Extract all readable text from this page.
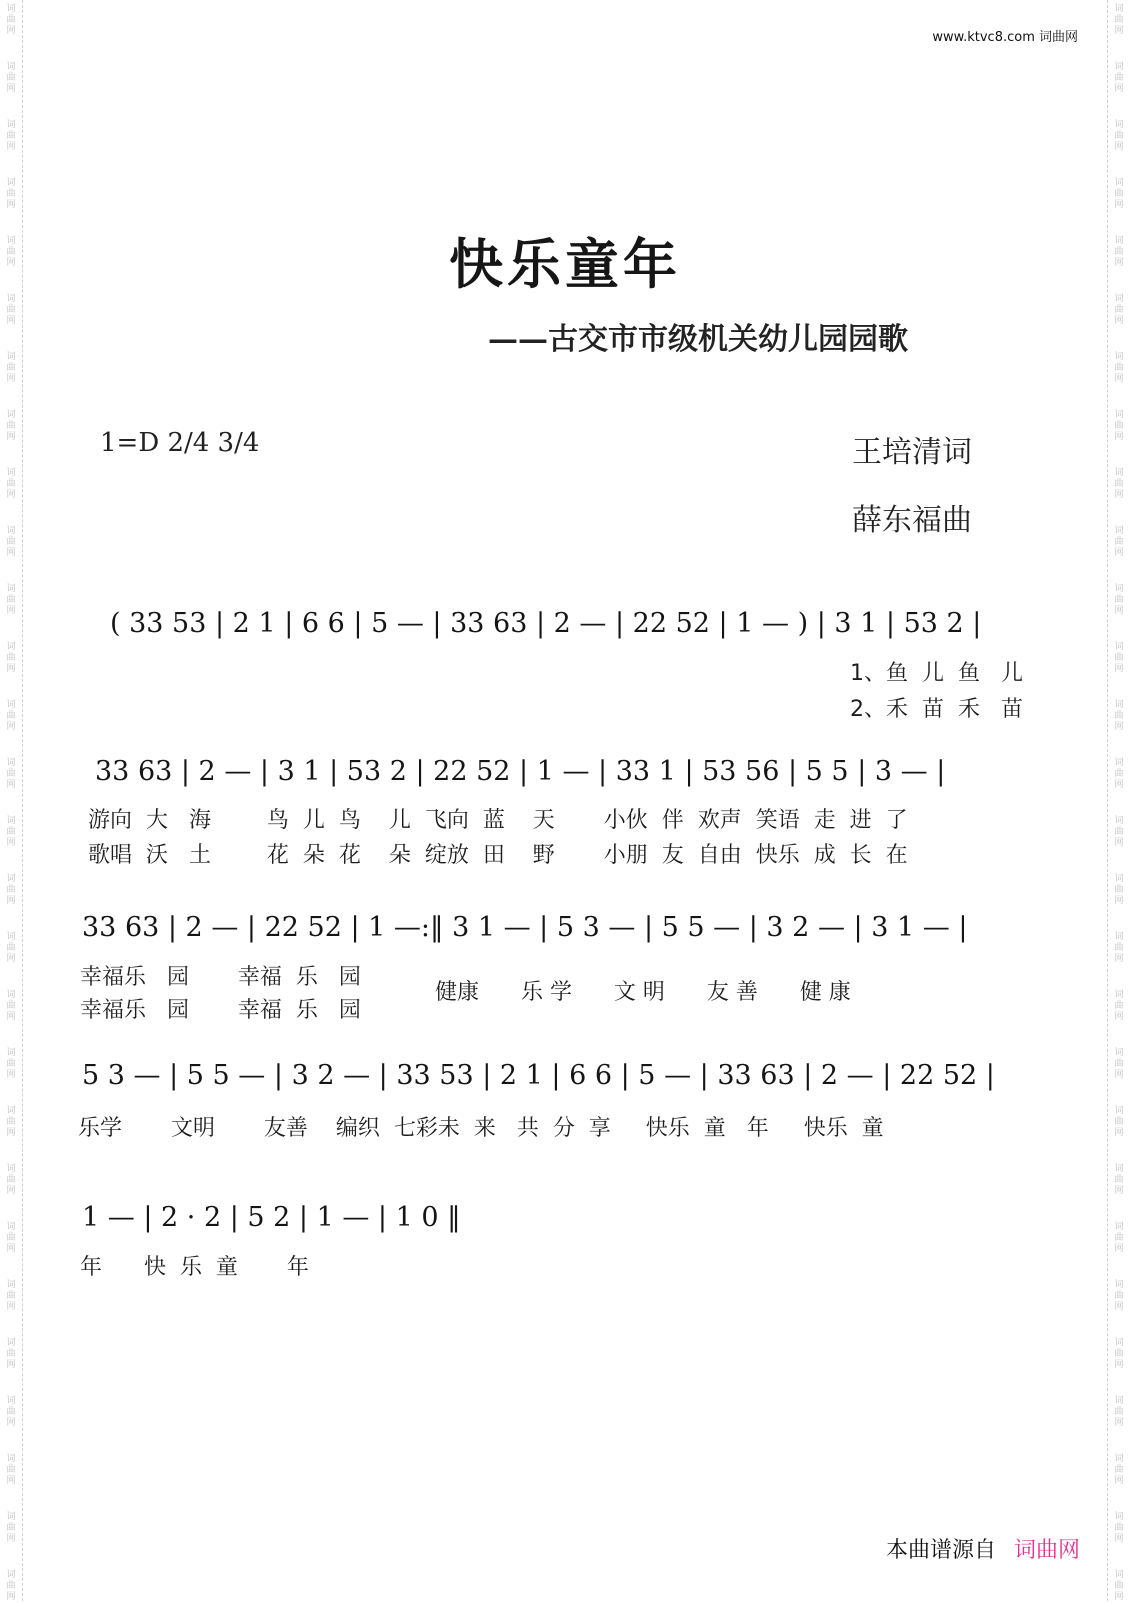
词
曲
网
词
曲
网
词
曲
网
词
曲
网
词
曲
网
词
曲
网
词
曲
网
词
曲
网
词
曲
网
词
曲
网
词
曲
网
词
曲
网
词
曲
网
词
曲
网
词
曲
网
词
曲
网
词
曲
网
词
曲
网
词
曲
网
词
曲
网
词
曲
网
词
曲
网
词
曲
网
词
曲
网
词
曲
网
词
曲
网
词
曲
网
词
曲
网
词
曲
网
词
曲
网
词
曲
网
词
曲
网
词
曲
网
词
曲
网
词
曲
网
词
曲
网
词
曲
网
词
曲
网
词
曲
网
词
曲
网
词
曲
网
词
曲
网
词
曲
网
词
曲
网
词
曲
网
词
曲
网
词
曲
网
词
曲
网
词
曲
网
词
曲
网
词
曲
网
词
曲
网
词
曲
网
词
曲
网
词
曲
网
词
曲
网
www.ktvc8.com 词曲网
快乐童年
——古交市市级机关幼儿园园歌
1=D 2/4 3/4	王培清词
薛东福曲
( 33 53 | 2 1 | 6 6 | 5 — | 33 63 | 2 — | 22 52 | 1 — ) | 3 1 | 53 2 |
1、鱼  儿  鱼   儿
2、禾  苗  禾   苗
33 63 | 2 — | 3 1 | 53 2 | 22 52 | 1 — | 33 1 | 53 56 | 5 5 | 3 — |
游向  大   海        鸟  儿  鸟    儿  飞向  蓝    天       小伙  伴  欢声  笑语  走  进  了
歌唱  沃   土        花  朵  花    朵  绽放  田    野       小朋  友  自由  快乐  成  长  在
33 63 | 2 — | 22 52 | 1 —:‖ 3 1 — | 5 3 — | 5 5 — | 3 2 — | 3 1 — |
幸福乐   园       幸福  乐   园
幸福乐   园       幸福  乐   园
健康      乐 学      文 明      友 善      健 康
5 3 — | 5 5 — | 3 2 — | 33 53 | 2 1 | 6 6 | 5 — | 33 63 | 2 — | 22 52 |
乐学       文明       友善    编织  七彩未  来   共  分  享     快乐  童   年     快乐  童
1 — | 2 · 2 | 5 2 | 1 — | 1 0 ‖
年      快  乐  童       年
本曲谱源自 词曲网
